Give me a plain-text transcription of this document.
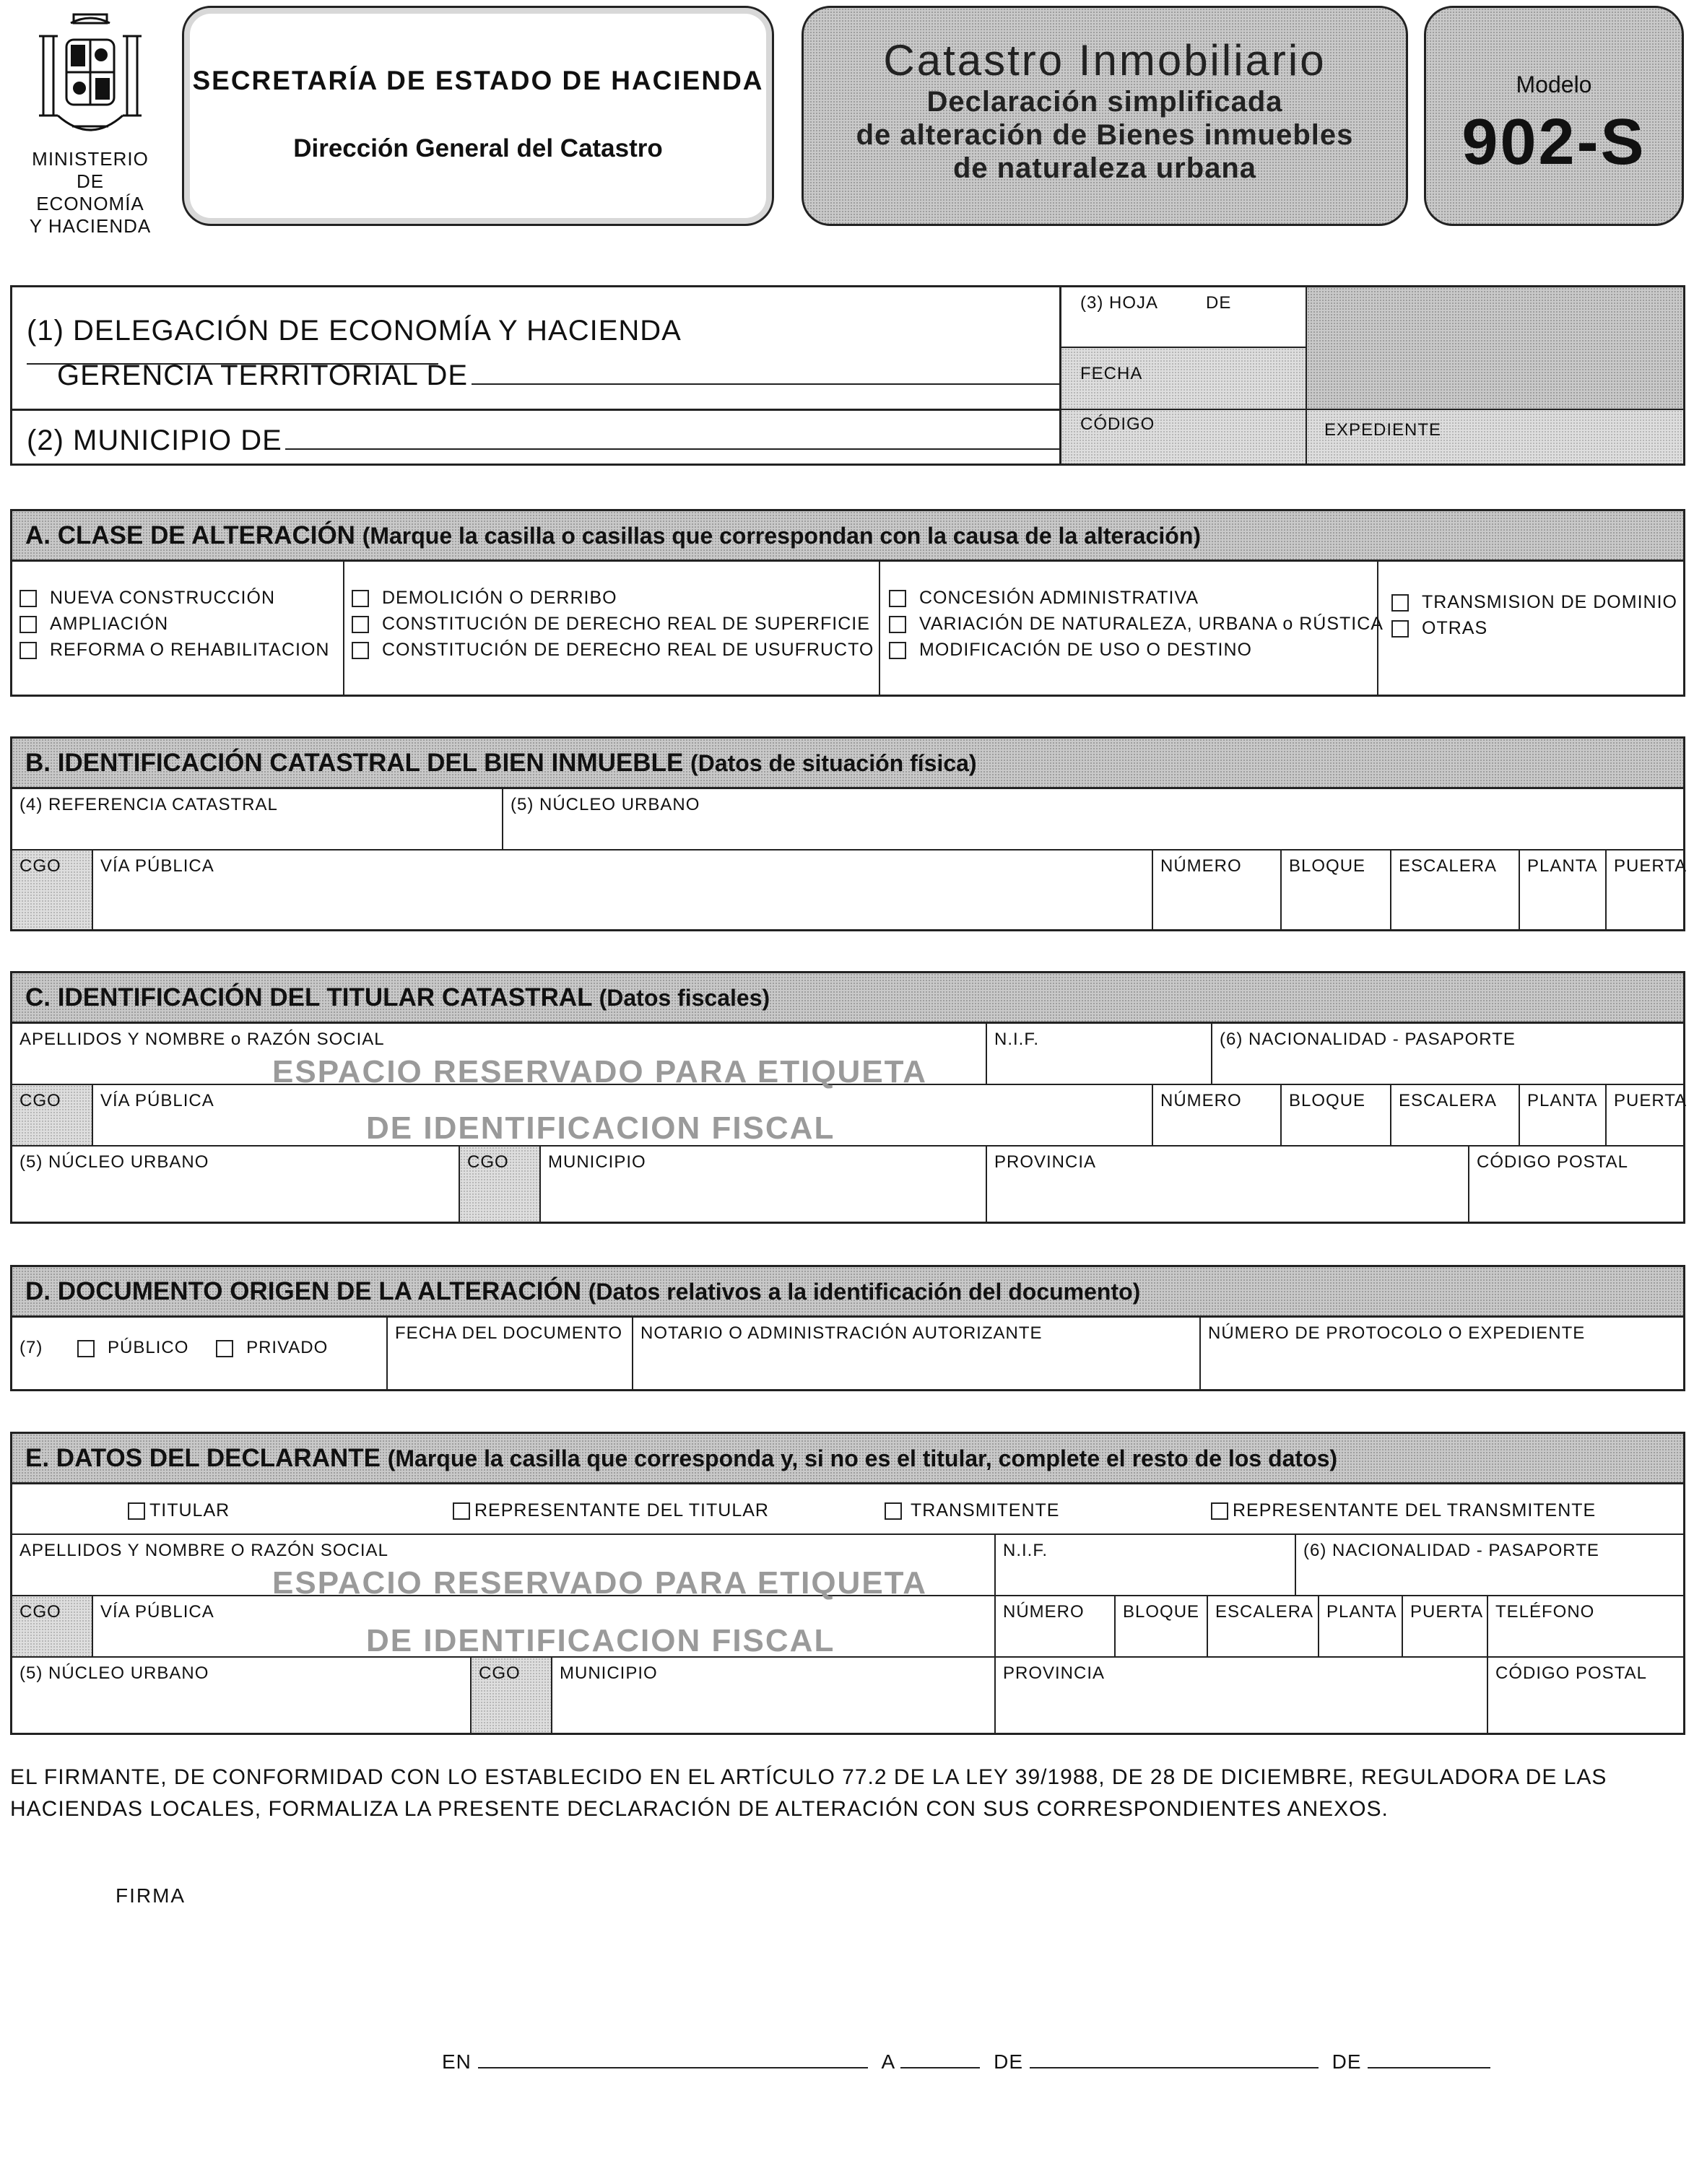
MINISTERIO
DE ECONOMÍA
Y HACIENDA
SECRETARÍA DE ESTADO DE HACIENDA
Dirección General del Catastro
Catastro Inmobiliario
Declaración simplificada
de alteración de Bienes inmuebles
de naturaleza urbana
Modelo
902-S
(1) DELEGACIÓN DE ECONOMÍA Y HACIENDA
GERENCIA TERRITORIAL DE
(2) MUNICIPIO DE
(3) HOJA	DE
FECHA
CÓDIGO	EXPEDIENTE
A. CLASE DE ALTERACIÓN (Marque la casilla o casillas que correspondan con la causa de la alteración)
NUEVA CONSTRUCCIÓN
AMPLIACIÓN
REFORMA O REHABILITACION
DEMOLICIÓN O DERRIBO
CONSTITUCIÓN DE DERECHO REAL DE SUPERFICIE
CONSTITUCIÓN DE DERECHO REAL DE USUFRUCTO
CONCESIÓN ADMINISTRATIVA
VARIACIÓN DE NATURALEZA, URBANA o RÚSTICA
MODIFICACIÓN DE USO O DESTINO
TRANSMISION DE DOMINIO
OTRAS
B. IDENTIFICACIÓN CATASTRAL DEL BIEN INMUEBLE (Datos de situación física)
(4) REFERENCIA CATASTRAL	(5) NÚCLEO URBANO
CGO	VÍA PÚBLICA	NÚMERO	BLOQUE	ESCALERA	PLANTA PUERTA
C. IDENTIFICACIÓN DEL TITULAR CATASTRAL (Datos fiscales)
APELLIDOS Y NOMBRE o RAZÓN SOCIAL	N.I.F.	(6) NACIONALIDAD - PASAPORTE
CGO	VÍA PÚBLICA	NÚMERO	BLOQUE	ESCALERA	PLANTA PUERTA
(5) NÚCLEO URBANO	CGO	MUNICIPIO	PROVINCIA	CÓDIGO POSTAL
ESPACIO RESERVADO PARA ETIQUETA
DE IDENTIFICACION FISCAL
D. DOCUMENTO ORIGEN DE LA ALTERACIÓN (Datos relativos a la identificación del documento)
(7)	PÚBLICO	PRIVADO
FECHA DEL DOCUMENTO	NOTARIO O ADMINISTRACIÓN AUTORIZANTE	NÚMERO DE PROTOCOLO O EXPEDIENTE
E. DATOS DEL DECLARANTE (Marque la casilla que corresponda y, si no es el titular, complete el resto de los datos)
TITULAR	REPRESENTANTE DEL TITULAR	TRANSMITENTE	REPRESENTANTE DEL TRANSMITENTE
APELLIDOS Y NOMBRE O RAZÓN SOCIAL	N.I.F.	(6) NACIONALIDAD - PASAPORTE
CGO	VÍA PÚBLICA	NÚMERO	BLOQUE ESCALERA PLANTA PUERTA TELÉFONO
(5) NÚCLEO URBANO	CGO	MUNICIPIO	PROVINCIA	CÓDIGO POSTAL
ESPACIO RESERVADO PARA ETIQUETA
DE IDENTIFICACION FISCAL
EL FIRMANTE, DE CONFORMIDAD CON LO ESTABLECIDO EN EL ARTÍCULO 77.2 DE LA LEY 39/1988, DE 28 DE DICIEMBRE, REGULADORA DE LAS HACIENDAS LOCALES, FORMALIZA LA PRESENTE DECLARACIÓN DE ALTERACIÓN CON SUS CORRESPONDIENTES ANEXOS.
FIRMA
EN	A	DE	DE
